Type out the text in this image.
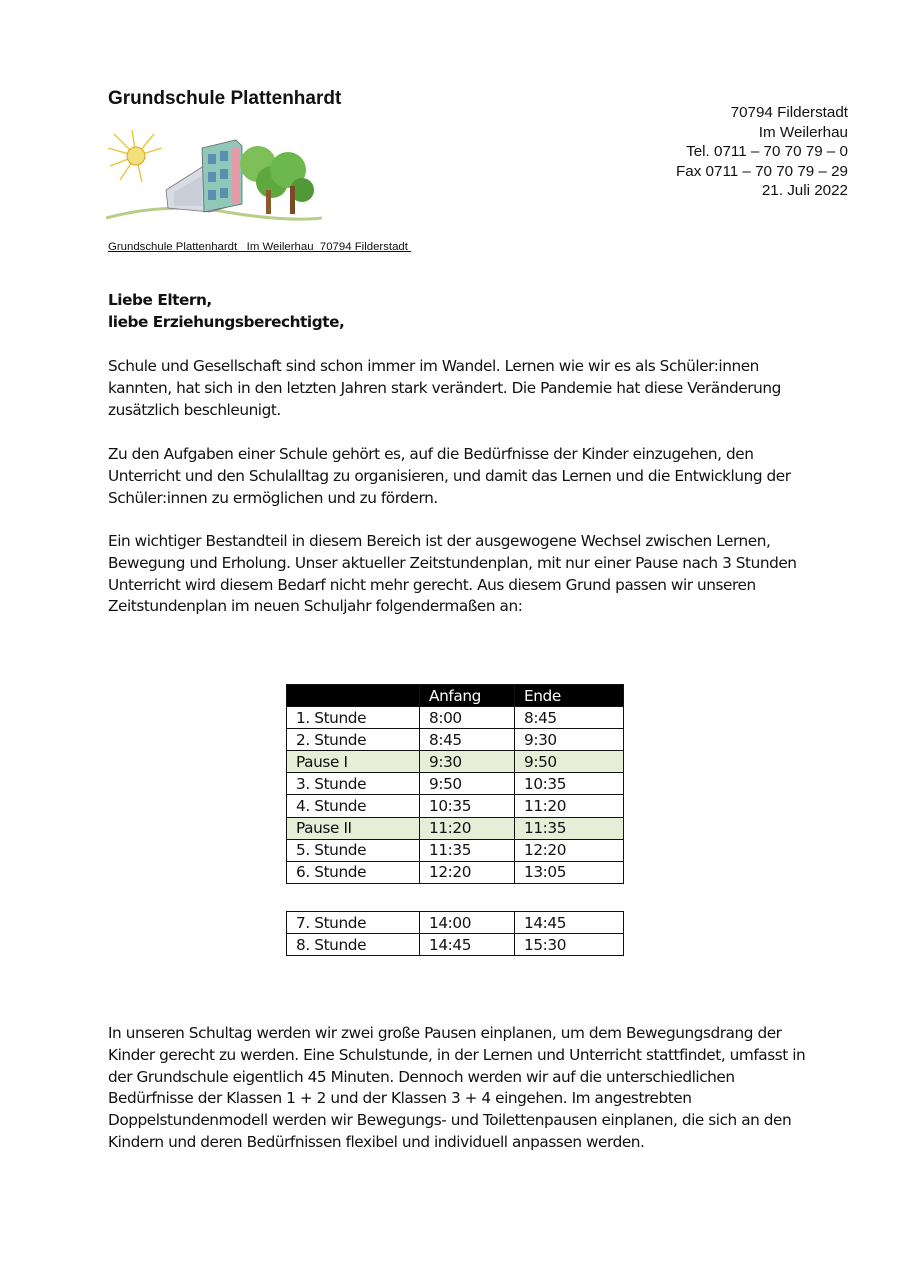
Grundschule Plattenhardt
70794 Filderstadt
Im Weilerhau
Tel. 0711 – 70 70 79 – 0
Fax 0711 – 70 70 79 – 29
21. Juli 2022
Grundschule Plattenhardt   Im Weilerhau  70794 Filderstadt
Liebe Eltern,
liebe Erziehungsberechtigte,

Schule und Gesellschaft sind schon immer im Wandel. Lernen wie wir es als Schüler:innen kannten, hat sich in den letzten Jahren stark verändert. Die Pandemie hat diese Veränderung zusätzlich beschleunigt.

Zu den Aufgaben einer Schule gehört es, auf die Bedürfnisse der Kinder einzugehen, den Unterricht und den Schulalltag zu organisieren, und damit das Lernen und die Entwicklung der Schüler:innen zu ermöglichen und zu fördern.

Ein wichtiger Bestandteil in diesem Bereich ist der ausgewogene Wechsel zwischen Lernen, Bewegung und Erholung. Unser aktueller Zeitstundenplan, mit nur einer Pause nach 3 Stunden Unterricht wird diesem Bedarf nicht mehr gerecht. Aus diesem Grund passen wir unseren Zeitstundenplan im neuen Schuljahr folgendermaßen an:

	Anfang	Ende
1. Stunde	8:00	8:45
2. Stunde	8:45	9:30
Pause I	9:30	9:50
3. Stunde	9:50	10:35
4. Stunde	10:35	11:20
Pause II	11:20	11:35
5. Stunde	11:35	12:20
6. Stunde	12:20	13:05
7. Stunde	14:00	14:45
8. Stunde	14:45	15:30

In unseren Schultag werden wir zwei große Pausen einplanen, um dem Bewegungsdrang der Kinder gerecht zu werden. Eine Schulstunde, in der Lernen und Unterricht stattfindet, umfasst in der Grundschule eigentlich 45 Minuten. Dennoch werden wir auf die unterschiedlichen Bedürfnisse der Klassen 1 + 2 und der Klassen 3 + 4 eingehen. Im angestrebten Doppelstundenmodell werden wir Bewegungs- und Toilettenpausen einplanen, die sich an den Kindern und deren Bedürfnissen flexibel und individuell anpassen werden.
